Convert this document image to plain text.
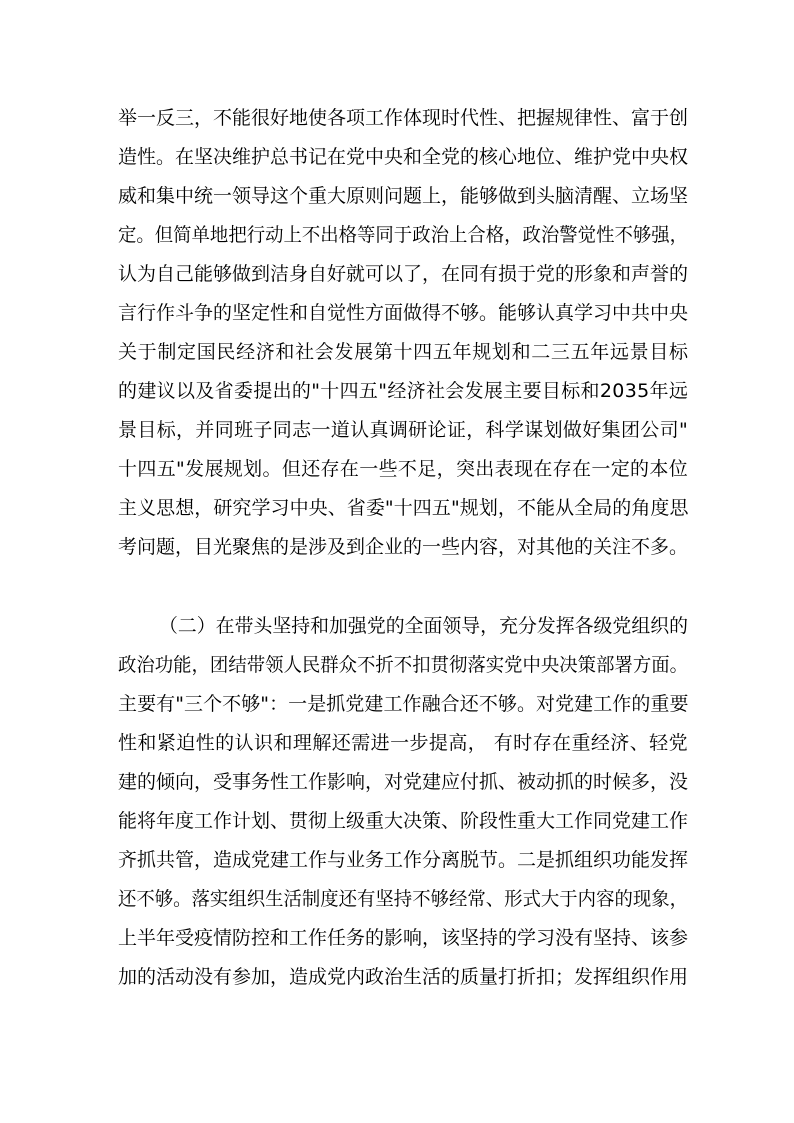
举一反三，不能很好地使各项工作体现时代性、把握规律性、富于创
造性。在坚决维护总书记在党中央和全党的核心地位、维护党中央权
威和集中统一领导这个重大原则问题上，能够做到头脑清醒、立场坚
定。但简单地把行动上不出格等同于政治上合格，政治警觉性不够强，
认为自己能够做到洁身自好就可以了，在同有损于党的形象和声誉的
言行作斗争的坚定性和自觉性方面做得不够。能够认真学习中共中央
关于制定国民经济和社会发展第十四五年规划和二三五年远景目标
的建议以及省委提出的"十四五"经济社会发展主要目标和2035年远
景目标，并同班子同志一道认真调研论证，科学谋划做好集团公司"
十四五"发展规划。但还存在一些不足，突出表现在存在一定的本位
主义思想，研究学习中央、省委"十四五"规划，不能从全局的角度思
考问题，目光聚焦的是涉及到企业的一些内容，对其他的关注不多。
（二）在带头坚持和加强党的全面领导，充分发挥各级党组织的
政治功能，团结带领人民群众不折不扣贯彻落实党中央决策部署方面。
主要有"三个不够"：一是抓党建工作融合还不够。对党建工作的重要
性和紧迫性的认识和理解还需进一步提高， 有时存在重经济、轻党
建的倾向，受事务性工作影响，对党建应付抓、被动抓的时候多，没
能将年度工作计划、贯彻上级重大决策、阶段性重大工作同党建工作
齐抓共管，造成党建工作与业务工作分离脱节。二是抓组织功能发挥
还不够。落实组织生活制度还有坚持不够经常、形式大于内容的现象，
上半年受疫情防控和工作任务的影响，该坚持的学习没有坚持、该参
加的活动没有参加，造成党内政治生活的质量打折扣；发挥组织作用
